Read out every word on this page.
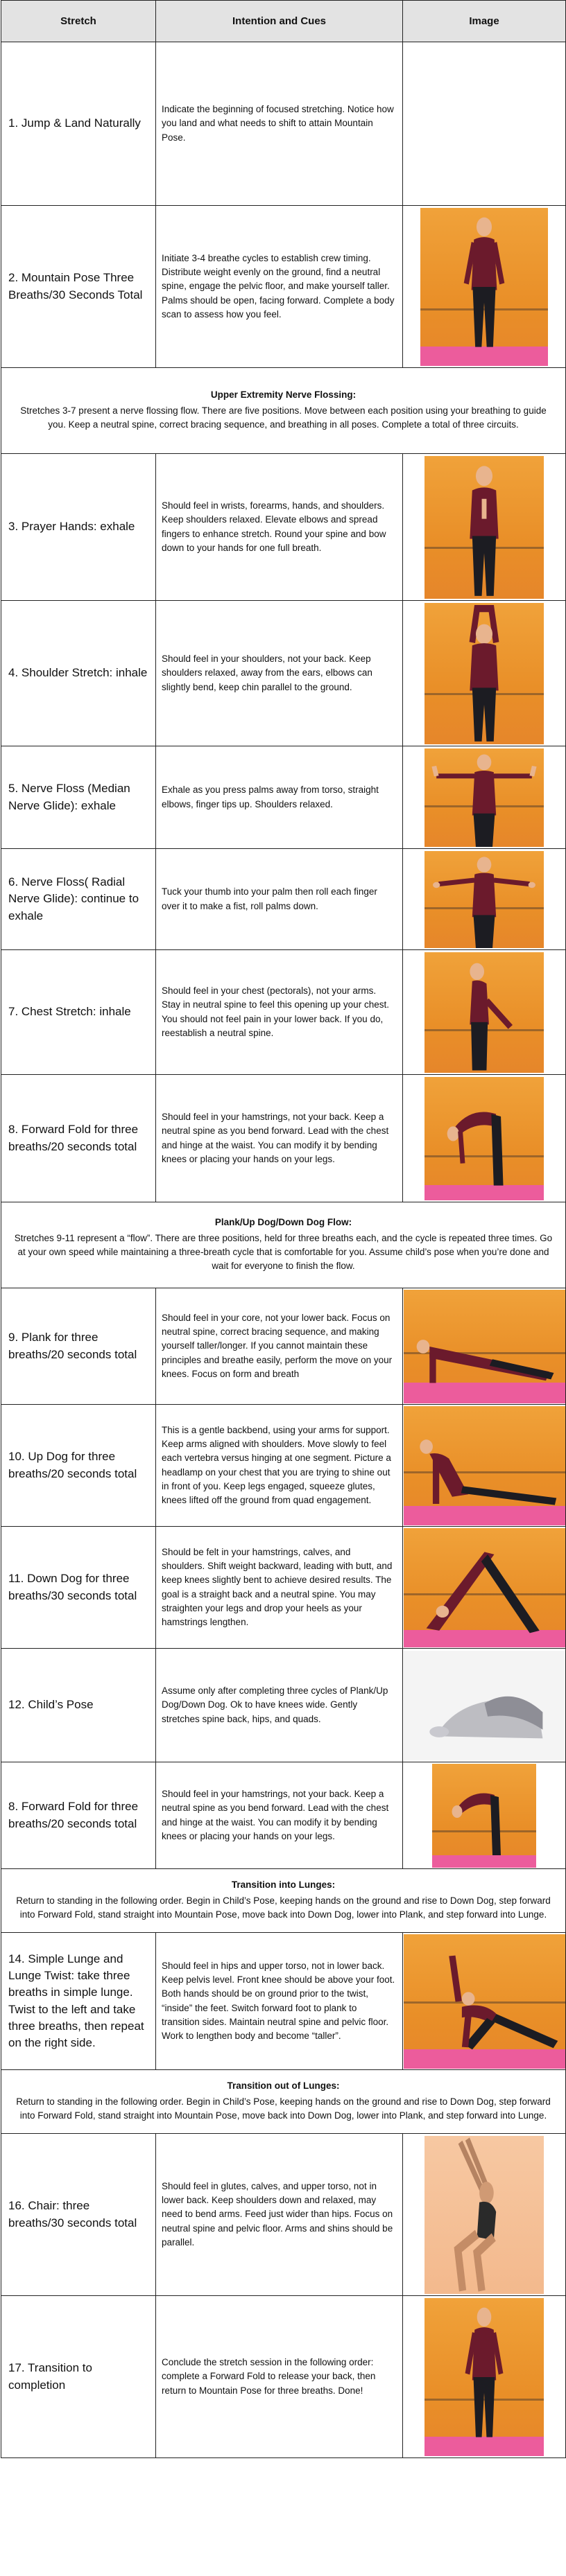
Stretch	Intention and Cues	Image
1. Jump & Land Naturally	Indicate the beginning of focused stretching. Notice how you land and what needs to shift to attain Mountain Pose.	
2. Mountain Pose Three Breaths/30 Seconds Total	Initiate 3-4 breathe cycles to establish crew timing. Distribute weight evenly on the ground, find a neutral spine, engage the pelvic floor, and make yourself taller. Palms should be open, facing forward. Complete a body scan to assess how you feel.	

Upper Extremity Nerve Flossing:
Stretches 3-7 present a nerve flossing flow. There are five positions. Move between each position using your breathing to guide you. Keep a neutral spine, correct bracing sequence, and breathing in all poses. Complete a total of three circuits.		
3. Prayer Hands: exhale	Should feel in wrists, forearms, hands, and shoulders. Keep shoulders relaxed. Elevate elbows and spread fingers to enhance stretch. Round your spine and bow down to your hands for one full breath.	

4. Shoulder Stretch: inhale	Should feel in your shoulders, not your back. Keep shoulders relaxed, away from the ears, elbows can slightly bend, keep chin parallel to the ground.	

5. Nerve Floss (Median Nerve Glide): exhale	Exhale as you press palms away from torso, straight elbows, finger tips up. Shoulders relaxed.	

6. Nerve Floss( Radial Nerve Glide): continue to exhale	Tuck your thumb into your palm then roll each finger over it to make a fist, roll palms down.	

7. Chest Stretch: inhale	Should feel in your chest (pectorals), not your arms. Stay in neutral spine to feel this opening up your chest. You should not feel pain in your lower back. If you do, reestablish a neutral spine.	

8. Forward Fold for three breaths/20 seconds total	Should feel in your hamstrings, not your back. Keep a neutral spine as you bend forward. Lead with the chest and hinge at the waist. You can modify it by bending knees or placing your hands on your legs.	

Plank/Up Dog/Down Dog Flow:
Stretches 9-11 represent a “flow”. There are three positions, held for three breaths each, and the cycle is repeated three times. Go at your own speed while maintaining a three-breath cycle that is comfortable for you. Assume child’s pose when you’re done and wait for everyone to finish the flow.		
9. Plank for three breaths/20 seconds total	Should feel in your core, not your lower back. Focus on neutral spine, correct bracing sequence, and making yourself taller/longer. If you cannot maintain these principles and breathe easily, perform the move on your knees. Focus on form and breath	

10. Up Dog for three breaths/20 seconds total	This is a gentle backbend, using your arms for support. Keep arms aligned with shoulders. Move slowly to feel each vertebra versus hinging at one segment. Picture a headlamp on your chest that you are trying to shine out in front of you. Keep legs engaged, squeeze glutes, knees lifted off the ground from quad engagement.	

11. Down Dog for three breaths/30 seconds total	Should be felt in your hamstrings, calves, and shoulders. Shift weight backward, leading with butt, and keep knees slightly bent to achieve desired results. The goal is a straight back and a neutral spine. You may straighten your legs and drop your heels as your hamstrings lengthen.	

12. Child’s Pose	Assume only after completing three cycles of Plank/Up Dog/Down Dog. Ok to have knees wide. Gently stretches spine back, hips, and quads.	

8. Forward Fold for three breaths/20 seconds total	Should feel in your hamstrings, not your back. Keep a neutral spine as you bend forward. Lead with the chest and hinge at the waist. You can modify it by bending knees or placing your hands on your legs.	

Transition into Lunges:
Return to standing in the following order. Begin in Child’s Pose, keeping hands on the ground and rise to Down Dog, step forward into Forward Fold, stand straight into Mountain Pose, move back into Down Dog, lower into Plank, and step forward into Lunge.		
14. Simple Lunge and Lunge Twist: take three breaths in simple lunge. Twist to the left and take three breaths, then repeat on the right side.	Should feel in hips and upper torso, not in lower back. Keep pelvis level. Front knee should be above your foot. Both hands should be on ground prior to the twist, “inside” the feet. Switch forward foot to plank to transition sides. Maintain neutral spine and pelvic floor. Work to lengthen body and become “taller”.	

Transition out of Lunges:
Return to standing in the following order. Begin in Child’s Pose, keeping hands on the ground and rise to Down Dog, step forward into Forward Fold, stand straight into Mountain Pose, move back into Down Dog, lower into Plank, and step forward into Lunge.		
16. Chair: three breaths/30 seconds total	Should feel in glutes, calves, and upper torso, not in lower back. Keep shoulders down and relaxed, may need to bend arms. Feed just wider than hips. Focus on neutral spine and pelvic floor. Arms and shins should be parallel.	

17. Transition to completion	Conclude the stretch session in the following order: complete a Forward Fold to release your back, then return to Mountain Pose for three breaths. Done!	
